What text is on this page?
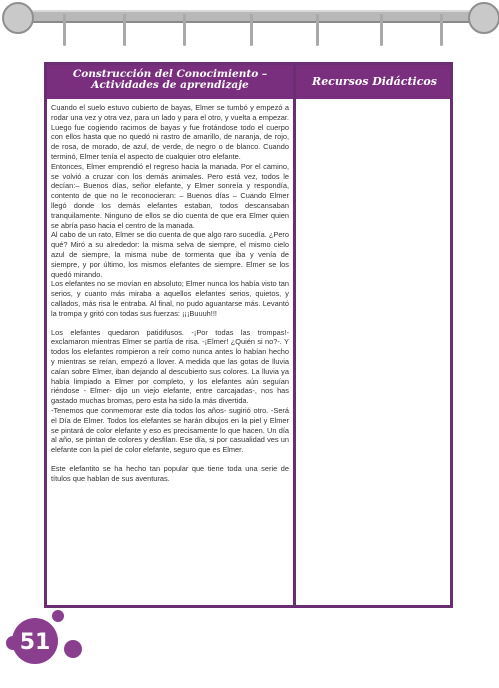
Construcción del Conocimiento –
Actividades de aprendizaje	Recursos Didácticos

Cuando el suelo estuvo cubierto de bayas, Elmer se tumbó y empezó a rodar una vez y otra vez, para un lado y para el otro, y vuelta a empezar. Luego fue cogiendo racimos de bayas y fue frotándose todo el cuerpo con ellos hasta que no quedó ni rastro de amarillo, de naranja, de rojo, de rosa, de morado, de azul, de verde, de negro o de blanco. Cuando terminó, Elmer tenía el aspecto de cualquier otro elefante.

Entonces, Elmer emprendió el regreso hacia la manada. Por el camino, se volvió a cruzar con los demás animales. Pero está vez, todos le decían:– Buenos días, señor elefante, y Elmer sonreía y respondía, contento de que no le reconocieran: – Buenos días – Cuando Elmer llegó donde los demás elefantes estaban, todos descansaban tranquilamente. Ninguno de ellos se dio cuenta de que era Elmer quien se abría paso hacia el centro de la manada.

Al cabo de un rato, Elmer se dio cuenta de que algo raro sucedía. ¿Pero qué? Miró a su alrededor: la misma selva de siempre, el mismo cielo azul de siempre, la misma nube de tormenta que iba y venía de siempre, y por último, los mismos elefantes de siempre. Elmer se los quedó mirando.

Los elefantes no se movían en absoluto; Elmer nunca los había visto tan serios, y cuanto más miraba a aquellos elefantes serios, quietos, y callados, más risa le entraba. Al final, no pudo aguantarse más. Levantó la trompa y gritó con todas sus fuerzas: ¡¡¡Buuuh!!!

Los elefantes quedaron patidifusos. -¡Por todas las trompas!- exclamaron mientras Elmer se partía de risa. -¡Elmer! ¿Quién si no?-. Y todos los elefantes rompieron a reír como nunca antes lo habían hecho y mientras se reían, empezó a llover. A medida que las gotas de lluvia caían sobre Elmer, iban dejando al descubierto sus colores. La lluvia ya había limpiado a Elmer por completo, y los elefantes aún seguían riéndose - Elmer- dijo un viejo elefante, entre carcajadas-, nos has gastado muchas bromas, pero esta ha sido la más divertida.

-Tenemos que conmemorar este día todos los años- sugirió otro. -Será el Día de Elmer. Todos los elefantes se harán dibujos en la piel y Elmer se pintará de color elefante y eso es precisamente lo que hacen. Un día al año, se pintan de colores y desfilan. Ese día, si por casualidad ves un elefante con la piel de color elefante, seguro que es Elmer.

Este elefantito se ha hecho tan popular que tiene toda una serie de títulos que hablan de sus aventuras.

51
